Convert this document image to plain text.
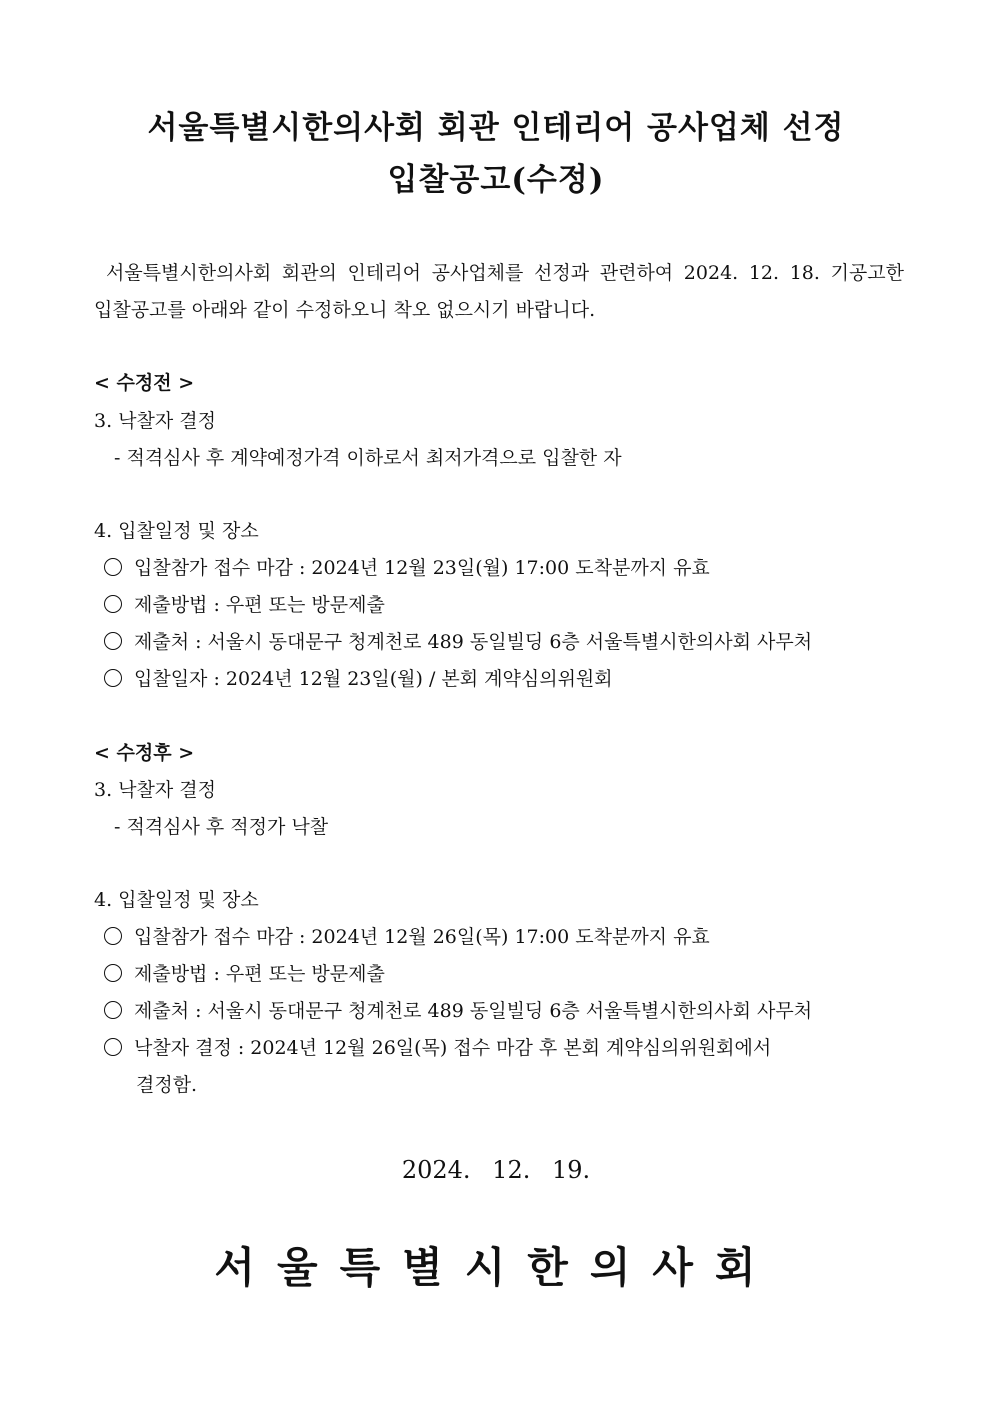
서울특별시한의사회 회관 인테리어 공사업체 선정
입찰공고(수정)
서울특별시한의사회 회관의 인테리어 공사업체를 선정과 관련하여 2024. 12. 18. 기공고한 입찰공고를 아래와 같이 수정하오니 착오 없으시기 바랍니다.
< 수정전 >
3. 낙찰자 결정
- 적격심사 후 계약예정가격 이하로서 최저가격으로 입찰한 자
4. 입찰일정 및 장소
입찰참가 접수 마감 : 2024년 12월 23일(월) 17:00 도착분까지 유효
제출방법 : 우편 또는 방문제출
제출처 : 서울시 동대문구 청계천로 489 동일빌딩 6층 서울특별시한의사회 사무처
입찰일자 : 2024년 12월 23일(월) / 본회 계약심의위원회
< 수정후 >
3. 낙찰자 결정
- 적격심사 후 적정가 낙찰
4. 입찰일정 및 장소
입찰참가 접수 마감 : 2024년 12월 26일(목) 17:00 도착분까지 유효
제출방법 : 우편 또는 방문제출
제출처 : 서울시 동대문구 청계천로 489 동일빌딩 6층 서울특별시한의사회 사무처
낙찰자 결정 : 2024년 12월 26일(목) 접수 마감 후 본회 계약심의위원회에서
결정함.
2024. 12. 19.
서울특별시한의사회
